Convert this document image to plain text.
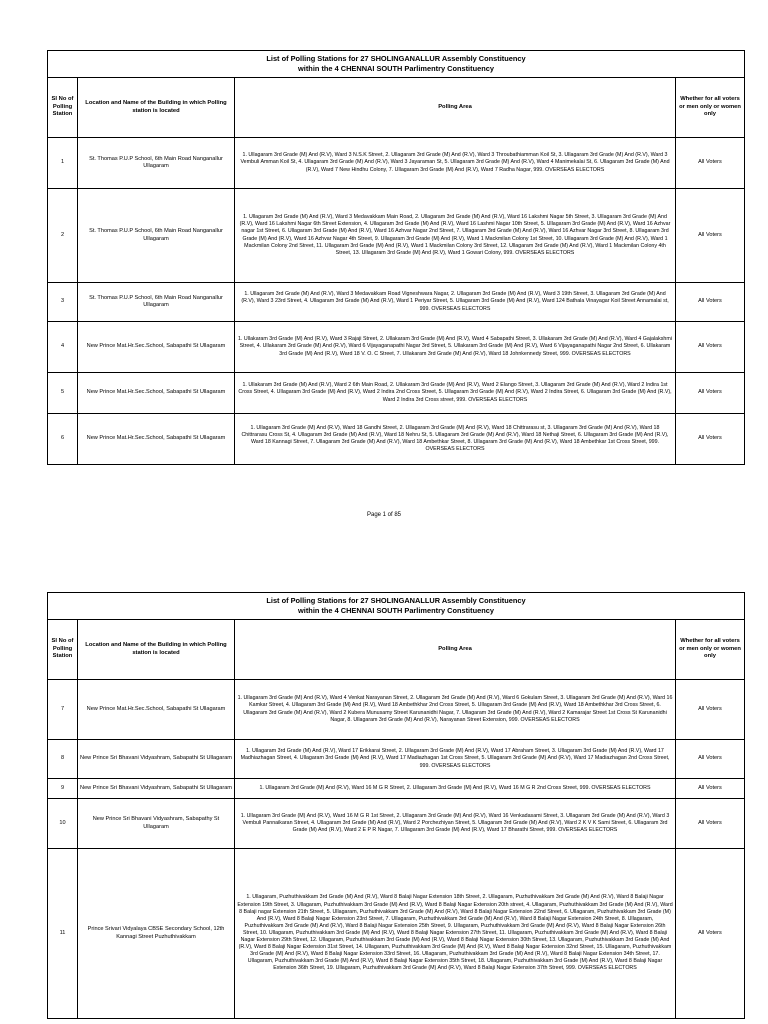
List of Polling Stations for 27 SHOLINGANALLUR Assembly Constituency
within the 4 CHENNAI SOUTH Parlimentry Constituency			

SI No of Polling Station	Location and Name of the Building in which Polling station is located	Polling Area	Whether for all voters or men only or women only
1	St. Thomas P.U.P School, 6th Main Road Nanganallur Ullagaram	1. Ullagaram 3rd Grade (M) And (R.V), Ward 3 N.S.K Street, 2. Ullagaram 3rd Grade (M) And (R.V), Ward 3 Throubathiamman Koil St, 3. Ullagaram 3rd Grade (M) And (R.V), Ward 3 Vembuli Amman Koil St, 4. Ullagaram 3rd Grade (M) And (R.V), Ward 3 Jayaraman St, 5. Ullagaram 3rd Grade (M) And (R.V), Ward 4 Manimekalai St, 6. Ullagaram 3rd Grade (M) And (R.V), Ward 7 New Hindhu Colony, 7. Ullagaram 3rd Grade (M) And (R.V), Ward 7 Radha Nagar, 999. OVERSEAS ELECTORS	All Voters
2	St. Thomas P.U.P School, 6th Main Road Nanganallur Ullagaram	1. Ullagaram 3rd Grade (M) And (R.V), Ward 3 Medavakkam Main Road, 2. Ullagaram 3rd Grade (M) And (R.V), Ward 16 Lakshmi Nagar 5th Street, 3. Ullagaram 3rd Grade (M) And (R.V), Ward 16 Lakshmi Nagar 6th Street Extension, 4. Ullagaram 3rd Grade (M) And (R.V), Ward 16 Lashmi Nagar 10th Street, 5. Ullagaram 3rd Grade (M) And (R.V), Ward 16 Azhvar nagar 1st Street, 6. Ullagaram 3rd Grade (M) And (R.V), Ward 16 Azhvar Nagar 2nd Street, 7. Ullagaram 3rd Grade (M) And (R.V), Ward 16 Azhvar Nagar 3rd Street, 8. Ullagaram 3rd Grade (M) And (R.V), Ward 16 Azhvar Nagar 4th Street, 9. Ullagaram 3rd Grade (M) And (R.V), Ward 1 Mackmilan Colony 1st Street, 10. Ullagaram 3rd Grade (M) And (R.V), Ward 1 Mackmilan Colony 2nd Street, 11. Ullagaram 3rd Grade (M) And (R.V), Ward 1 Mackmilan Colony 3rd Street, 12. Ullagaram 3rd Grade (M) And (R.V), Ward 1 Mackmilan Colony 4th Street, 13. Ullagaram 3rd Grade (M) And (R.V), Ward 1 Gowari Colony, 999. OVERSEAS ELECTORS	All Voters
3	St. Thomas P.U.P School, 6th Main Road Nanganallur Ullagaram	1. Ullagaram 3rd Grade (M) And (R.V), Ward 3 Medavakkam Road Vigneshwara Nagar, 2. Ullagaram 3rd Grade (M) And (R.V), Ward 3 19th Street, 3. Ullagaram 3rd Grade (M) And (R.V), Ward 3 23rd Street, 4. Ullagaram 3rd Grade (M) And (R.V), Ward 1 Periyar Street, 5. Ullagaram 3rd Grade (M) And (R.V), Ward 124 Bathala Vinayagar Koil Street Annamalai st, 999. OVERSEAS ELECTORS	All Voters
4	New Prince Mat.Hr.Sec.School, Sabapathi St Ullagaram	1. Ullakaram 3rd Grade (M) And (R.V), Ward 3 Rajaji Street, 2. Ullakaram 3rd Grade (M) And (R.V), Ward 4 Sabapathi Street, 3. Ullakaram 3rd Grade (M) And (R.V), Ward 4 Gajalakshmi Street, 4. Ullakaram 3rd Grade (M) And (R.V), Ward 6 Vijayaganapathi Nagar 3rd Street, 5. Ullakaram 3rd Grade (M) And (R.V), Ward 6 Vijayaganapathi Nagar 2nd Street, 6. Ullakaram 3rd Grade (M) And (R.V), Ward 18 V. O. C Street, 7. Ullakaram 3rd Grade (M) And (R.V), Ward 18 Johnkennedy Street, 999. OVERSEAS ELECTORS	All Voters
5	New Prince Mat.Hr.Sec.School, Sabapathi St Ullagaram	1. Ullakaram 3rd Grade (M) And (R.V), Ward 2 6th Main Road, 2. Ullakaram 3rd Grade (M) And (R.V), Ward 2 Elango Street, 3. Ullagaram 3rd Grade (M) And (R.V), Ward 2 Indira 1st Cross Street, 4. Ullagaram 3rd Grade (M) And (R.V), Ward 2 Indira 2nd Cross Street, 5. Ullagaram 3rd Grade (M) And (R.V), Ward 2 Indira Street, 6. Ullagaram 3rd Grade (M) And (R.V), Ward 2 Indira 3rd Cross street, 999. OVERSEAS ELECTORS	All Voters
6	New Prince Mat.Hr.Sec.School, Sabapathi St Ullagaram	1. Ullagaram 3rd Grade (M) And (R.V), Ward 18 Gandhi Street, 2. Ullagaram 3rd Grade (M) And (R.V), Ward 18 Chittrarasu st, 3. Ullagaram 3rd Grade (M) And (R.V), Ward 18 Chittrarasu Cross St, 4. Ullagaram 3rd Grade (M) And (R.V), Ward 18 Nehru St, 5. Ullagaram 3rd Grade (M) And (R.V), Ward 18 Nethaji Street, 6. Ullagaram 3rd Grade (M) And (R.V), Ward 18 Kannagi Street, 7. Ullagaram 3rd Grade (M) And (R.V), Ward 18 Ambethkar Street, 8. Ullagaram 3rd Grade (M) And (R.V), Ward 18 Ambethkar 1st Cross Street, 999. OVERSEAS ELECTORS	All Voters
Page 1 of 85
List of Polling Stations for 27 SHOLINGANALLUR Assembly Constituency
within the 4 CHENNAI SOUTH Parlimentry Constituency			

SI No of Polling Station	Location and Name of the Building in which Polling station is located	Polling Area	Whether for all voters or men only or women only
7	New Prince Mat.Hr.Sec.School, Sabapathi St Ullagaram	1. Ullagaram 3rd Grade (M) And (R.V), Ward 4 Venkat Narayanan Street, 2. Ullagaram 3rd Grade (M) And (R.V), Ward 6 Gokulam Street, 3. Ullagaram 3rd Grade (M) And (R.V), Ward 16 Kamkar Street, 4. Ullagaram 3rd Grade (M) And (R.V), Ward 18 Ambethkhar 2nd Cross Street, 5. Ullagaram 3rd Grade (M) And (R.V), Ward 18 Ambethkhar 3rd Cross Street, 6. Ullagaram 3rd Grade (M) And (R.V), Ward 2 Kubera Munusamy Street Karunanidhi Nagar, 7. Ullagaram 3rd Grade (M) And (R.V), Ward 2 Kamarajar Street 1st Cross St Karunanidhi Nagar, 8. Ullagaram 3rd Grade (M) And (R.V), Narayanan Street Extension, 999. OVERSEAS ELECTORS	All Voters
8	New Prince Sri Bhavani Vidyashram, Sabapathi St Ullagaram	1. Ullagaram 3rd Grade (M) And (R.V), Ward 17 Erikkarai Street, 2. Ullagaram 3rd Grade (M) And (R.V), Ward 17 Abraham Street, 3. Ullagaram 3rd Grade (M) And (R.V), Ward 17 Madhiazhagan Street, 4. Ullagaram 3rd Grade (M) And (R.V), Ward 17 Madiazhagan 1st Cross Street, 5. Ullagaram 3rd Grade (M) And (R.V), Ward 17 Madiazhagan 2nd Cross Street, 999. OVERSEAS ELECTORS	All Voters
9	New Prince Sri Bhavani Vidyashram, Sabapathi St Ullagaram	1. Ullagaram 3rd Grade (M) And (R.V), Ward 16 M G R Street, 2. Ullagaram 3rd Grade (M) And (R.V), Ward 16 M G R 2nd Cross Street, 999. OVERSEAS ELECTORS	All Voters
10	New Prince Sri Bhavani Vidyashram, Sabapathy St Ullagaram	1. Ullagaram 3rd Grade (M) And (R.V), Ward 16 M G R 1st Street, 2. Ullagaram 3rd Grade (M) And (R.V), Ward 16 Venkadasami Street, 3. Ullagaram 3rd Grade (M) And (R.V), Ward 3 Vembuli Pannaikaran Street, 4. Ullagaram 3rd Grade (M) And (R.V), Ward 2 Porchezhiyan Street, 5. Ullagaram 3rd Grade (M) And (R.V), Ward 2 K V K Sami Street, 6. Ullagaram 3rd Grade (M) And (R.V), Ward 2 E P R Nagar, 7. Ullagaram 3rd Grade (M) And (R.V), Ward 17 Bharathi Street, 999. OVERSEAS ELECTORS	All Voters
11	Prince Srivari Vidyalaya CBSE Secondary School, 12th Kannagi Street Puzhuthivakkam	1. Ullagaram, Puzhuthivakkam 3rd Grade (M) And (R.V), Ward 8 Balaji Nagar Extension 18th Street, 2. Ullagaram, Puzhuthivakkam 3rd Grade (M) And (R.V), Ward 8 Balaji Nagar Extension 19th Street, 3. Ullagaram, Puzhuthivakkam 3rd Grade (M) And (R.V), Ward 8 Balaji Nagar Extension 20th street, 4. Ullagaram, Puzhuthivakkam 3rd Grade (M) And (R.V), Ward 8 Balaji nagar Extension 21th Street, 5. Ullagaram, Puzhuthivakkam 3rd Grade (M) And (R.V), Ward 8 Balaji Nagar Extension 22nd Street, 6. Ullagaram, Puzhuthivakkam 3rd Grade (M) And (R.V), Ward 8 Balaji Nagar Extension 23rd Street, 7. Ullagaram, Puzhuthivakkam 3rd Grade (M) And (R.V), Ward 8 Balaji Nagar Extension 24th Street, 8. Ullagaram, Puzhuthivakkam 3rd Grade (M) And (R.V), Ward 8 Balaji Nagar Extension 25th Street, 9. Ullagaram, Puzhuthivakkam 3rd Grade (M) And (R.V), Ward 8 Balaji Nagar Extension 26th Street, 10. Ullagaram, Puzhuthivakkam 3rd Grade (M) And (R.V), Ward 8 Balaji Nagar Extension 27th Street, 11. Ullagaram, Puzhuthivakkam 3rd Grade (M) And (R.V), Ward 8 Balaji Nagar Extension 29th Street, 12. Ullagaram, Puzhuthivakkam 3rd Grade (M) And (R.V), Ward 8 Balaji Nagar Extension 30th Street, 13. Ullagaram, Puzhuthivakkam 3rd Grade (M) And (R.V), Ward 8 Balaji Nagar Extension 31st Street, 14. Ullagaram, Puzhuthivakkam 3rd Grade (M) And (R.V), Ward 8 Balaji Nagar Extension 32nd Street, 15. Ullagaram, Puzhuthivakkam 3rd Grade (M) And (R.V), Ward 8 Balaji Nagar Extension 33rd Street, 16. Ullagaram, Puzhuthivakkam 3rd Grade (M) And (R.V), Ward 8 Balaji Nagar Extension 34th Street, 17. Ullagaram, Puzhuthivakkam 3rd Grade (M) And (R.V), Ward 8 Balaji Nagar Extension 35th Street, 18. Ullagaram, Puzhuthivakkam 3rd Grade (M) And (R.V), Ward 8 Balaji Nagar Extension 36th Street, 19. Ullagaram, Puzhuthivakkam 3rd Grade (M) And (R.V), Ward 8 Balaji Nagar Extension 37th Street, 999. OVERSEAS ELECTORS	All Voters
